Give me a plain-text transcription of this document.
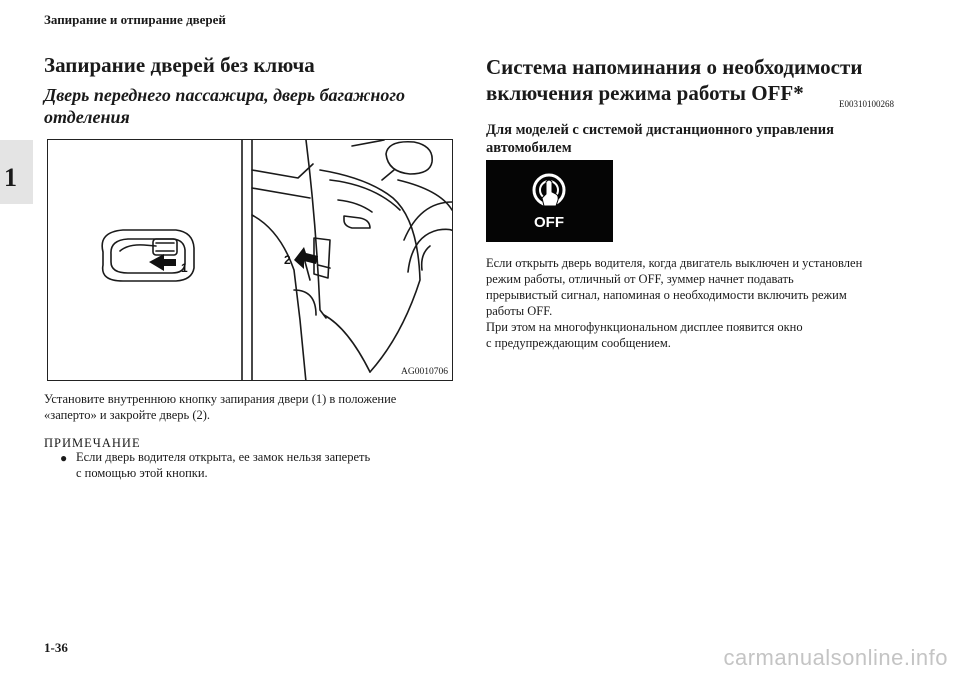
Запирание и отпирание дверей
1
Запирание дверей без ключа
Дверь переднего пассажира, дверь багажного
отделения
1
2
AG0010706
Установите внутреннюю кнопку запирания двери (1) в положение
«заперто» и закройте дверь (2).
ПРИМЕЧАНИЕ
● Если дверь водителя открыта, ее замок нельзя запереть
с помощью этой кнопки.
Система напоминания о необходимости
включения режима работы OFF*	E00310100268
Для моделей с системой дистанционного управления
автомобилем
OFF
Если открыть дверь водителя, когда двигатель выключен и установлен
режим работы, отличный от OFF, зуммер начнет подавать
прерывистый сигнал, напоминая о необходимости включить режим
работы OFF.
При этом на многофункциональном дисплее появится окно
с предупреждающим сообщением.
1-36	carmanualsonline.info
